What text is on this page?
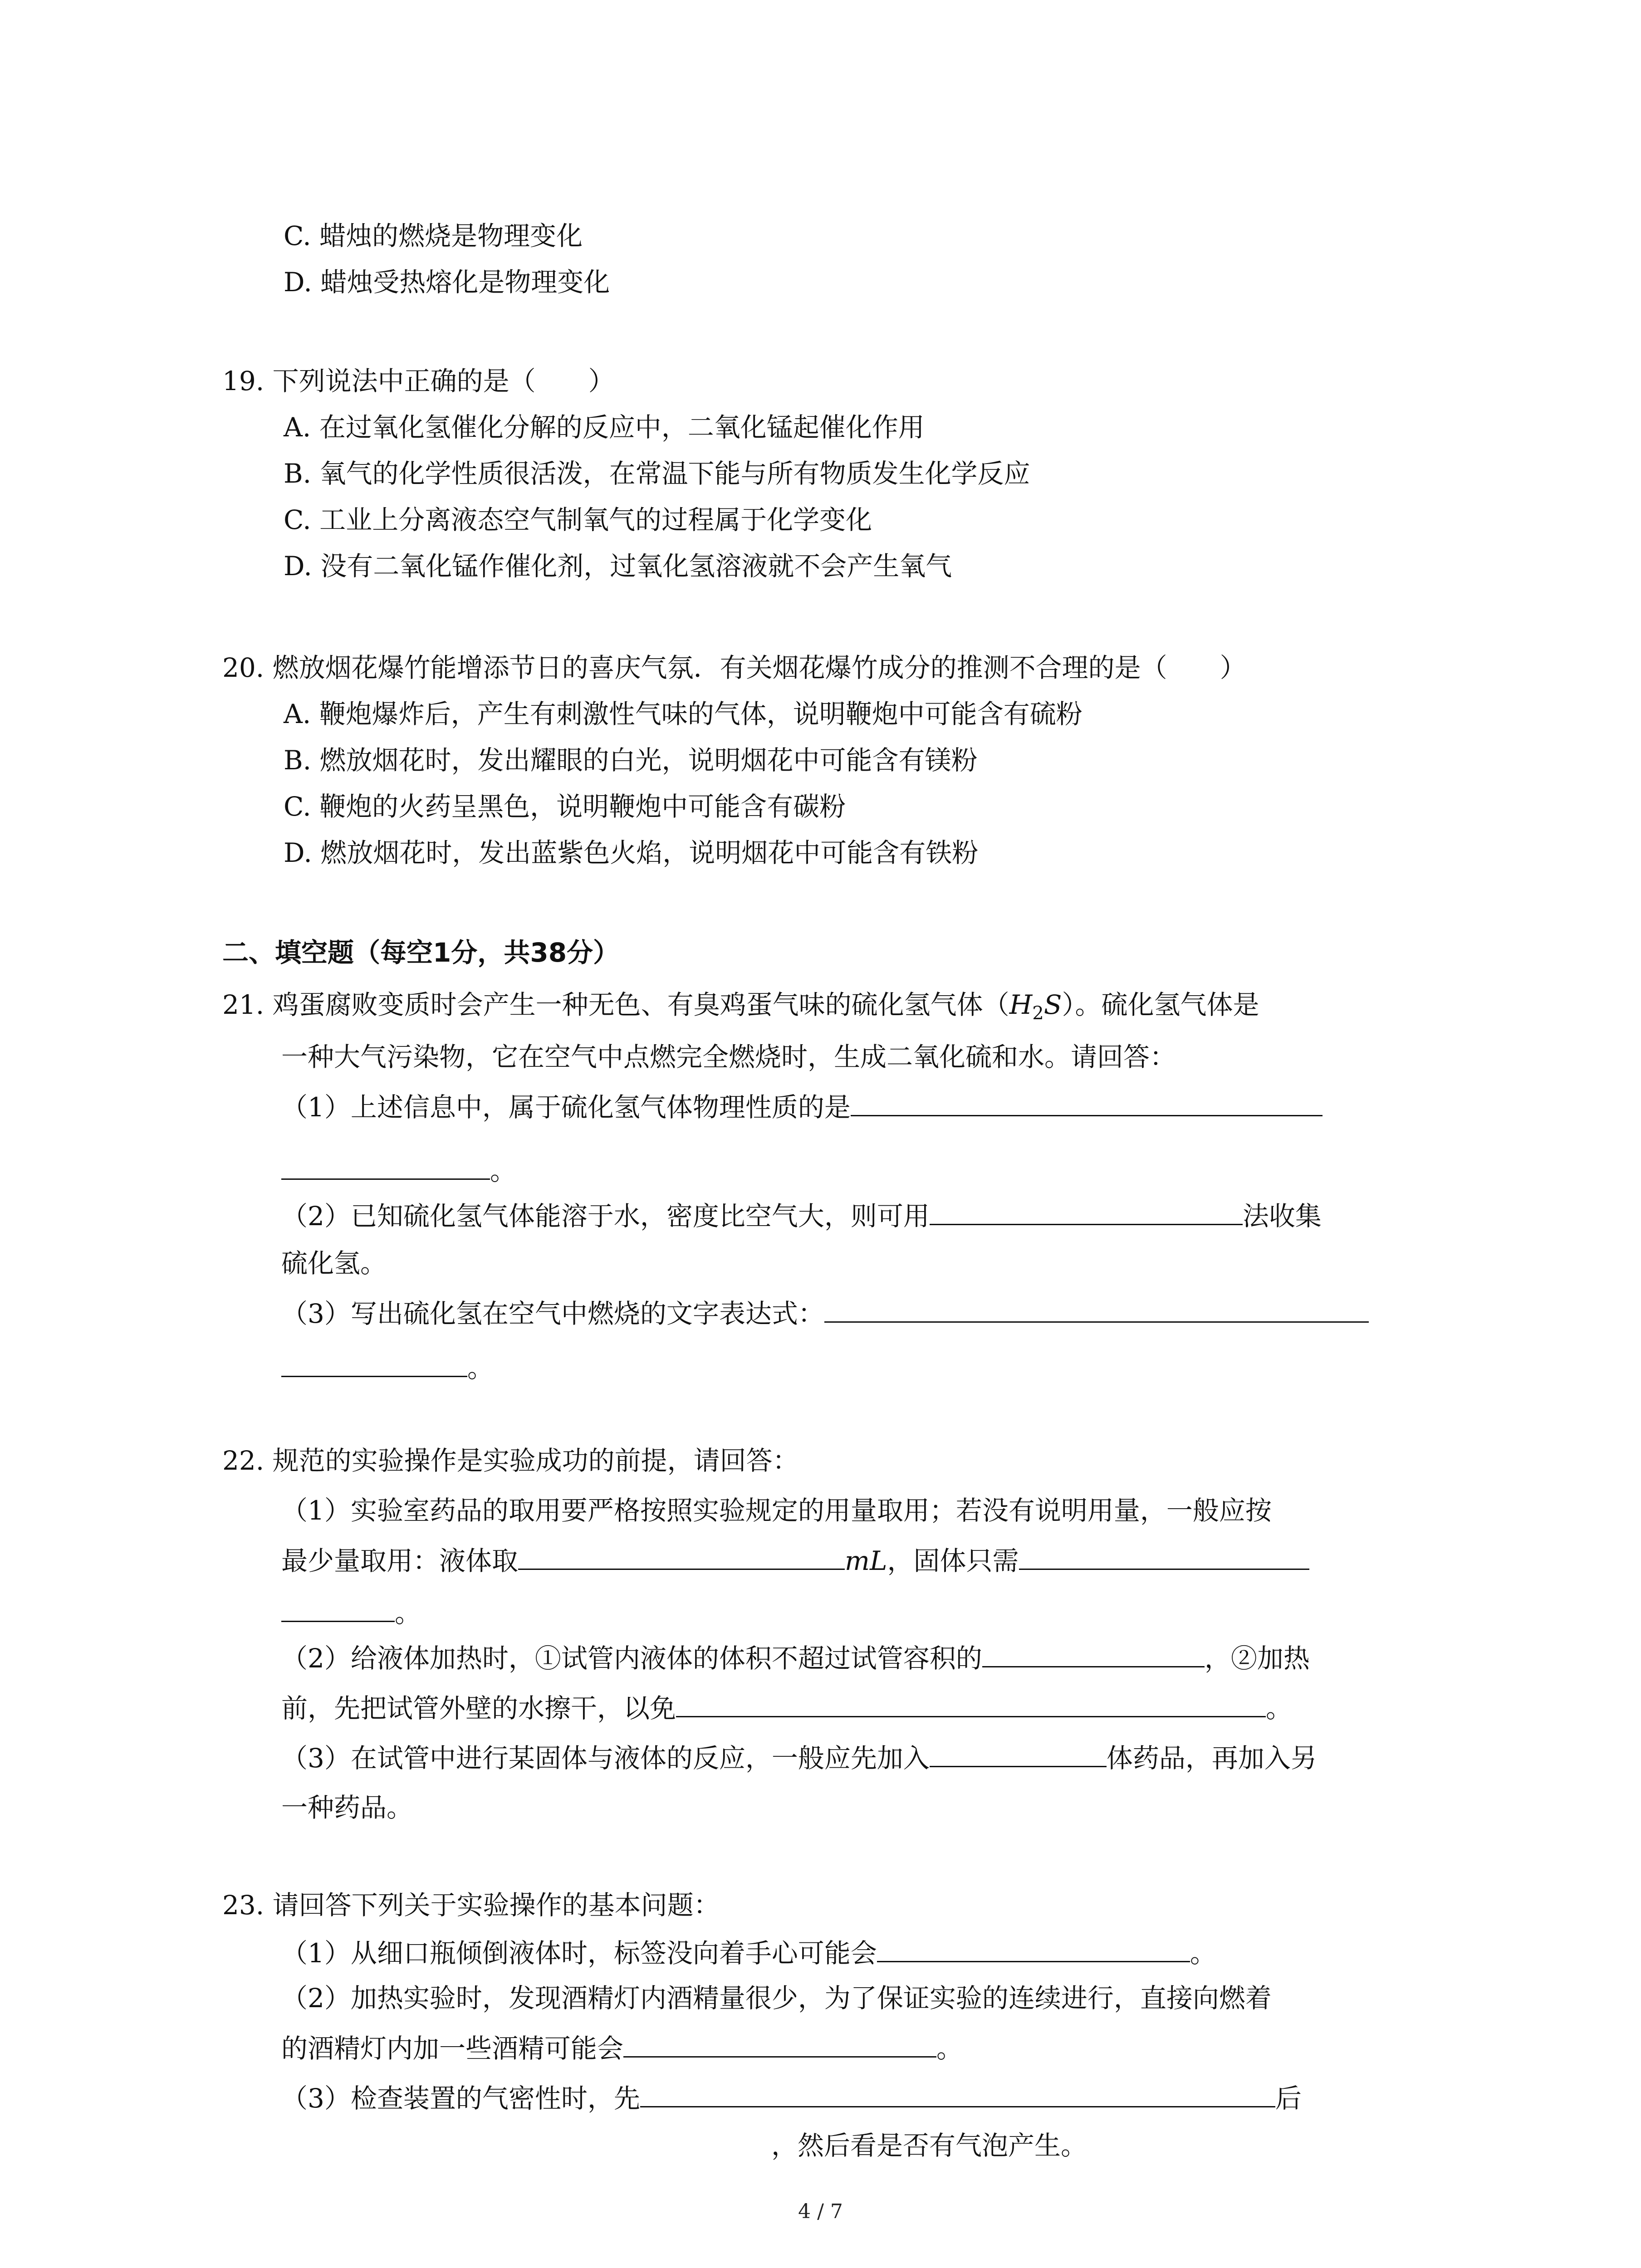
C. 蜡烛的燃烧是物理变化
D. 蜡烛受热熔化是物理变化
19. 下列说法中正确的是（　　）
A. 在过氧化氢催化分解的反应中，二氧化锰起催化作用
B. 氧气的化学性质很活泼，在常温下能与所有物质发生化学反应
C. 工业上分离液态空气制氧气的过程属于化学变化
D. 没有二氧化锰作催化剂，过氧化氢溶液就不会产生氧气
20. 燃放烟花爆竹能增添节日的喜庆气氛．有关烟花爆竹成分的推测不合理的是（　　）
A. 鞭炮爆炸后，产生有刺激性气味的气体，说明鞭炮中可能含有硫粉
B. 燃放烟花时，发出耀眼的白光，说明烟花中可能含有镁粉
C. 鞭炮的火药呈黑色，说明鞭炮中可能含有碳粉
D. 燃放烟花时，发出蓝紫色火焰，说明烟花中可能含有铁粉
二、填空题（每空1分，共38分）
21. 鸡蛋腐败变质时会产生一种无色、有臭鸡蛋气味的硫化氢气体$(H_2S)$。硫化氢气体是
一种大气污染物，它在空气中点燃完全燃烧时，生成二氧化硫和水。请回答：
（1）上述信息中，属于硫化氢气体物理性质的是
。
（2）已知硫化氢气体能溶于水，密度比空气大，则可用	法收集
硫化氢。
（3）写出硫化氢在空气中燃烧的文字表达式：
。
22. 规范的实验操作是实验成功的前提，请回答：
（1）实验室药品的取用要严格按照实验规定的用量取用；若没有说明用量，一般应按
最少量取用：液体取	mL，固体只需
。
（2）给液体加热时，①试管内液体的体积不超过试管容积的	，②加热
前，先把试管外壁的水擦干，以免	。
（3）在试管中进行某固体与液体的反应，一般应先加入	体药品，再加入另
一种药品。
23. 请回答下列关于实验操作的基本问题：
（1）从细口瓶倾倒液体时，标签没向着手心可能会	。
（2）加热实验时，发现酒精灯内酒精量很少，为了保证实验的连续进行，直接向燃着
的酒精灯内加一些酒精可能会	。
（3）检查装置的气密性时，先	后
，然后看是否有气泡产生。
4 / 7
